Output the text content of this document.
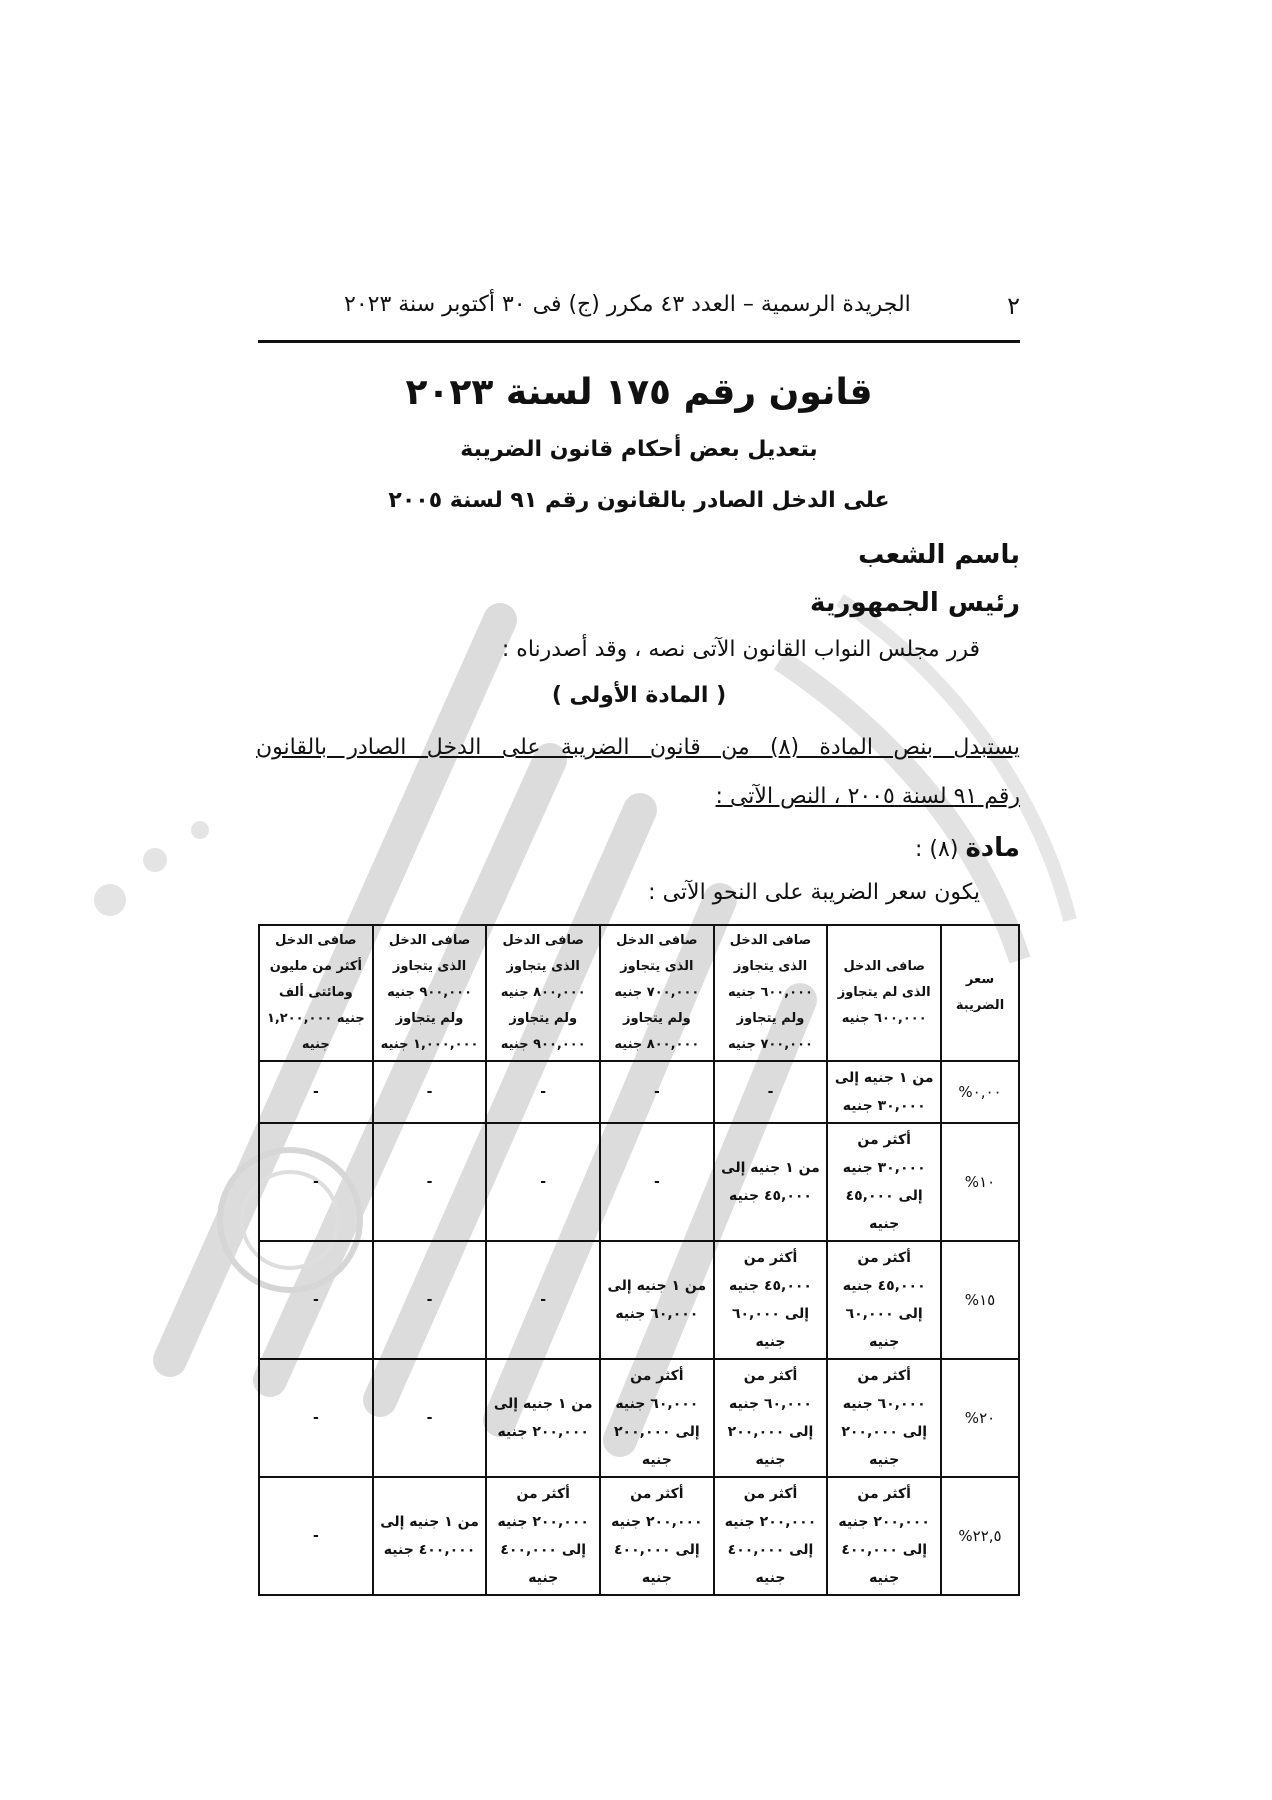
٢
الجريدة الرسمية – العدد ٤٣ مكرر (ج) فى ٣٠ أكتوبر سنة ٢٠٢٣
قانون رقم ١٧٥ لسنة ٢٠٢٣
بتعديل بعض أحكام قانون الضريبة
على الدخل الصادر بالقانون رقم ٩١ لسنة ٢٠٠٥
باسم الشعب
رئيس الجمهورية
قرر مجلس النواب القانون الآتى نصه ، وقد أصدرناه :
( المادة الأولى )
يستبدل بنص المادة (٨) من قانون الضريبة على الدخل الصادر بالقانون
رقم ٩١ لسنة ٢٠٠٥ ، النص الآتى :
مادة (٨) :
يكون سعر الضريبة على النحو الآتى :
سعر الضريبة	صافى الدخل الذى لم يتجاوز ٦٠٠,٠٠٠ جنيه	صافى الدخل الذى يتجاوز ٦٠٠,٠٠٠ جنيه ولم يتجاوز ٧٠٠,٠٠٠ جنيه	صافى الدخل الذى يتجاوز ٧٠٠,٠٠٠ جنيه ولم يتجاوز ٨٠٠,٠٠٠ جنيه	صافى الدخل الذى يتجاوز ٨٠٠,٠٠٠ جنيه ولم يتجاوز ٩٠٠,٠٠٠ جنيه	صافى الدخل الذى يتجاوز ٩٠٠,٠٠٠ جنيه ولم يتجاوز ١,٠٠٠,٠٠٠ جنيه	صافى الدخل أكثر من مليون ومائتى ألف جنيه ١,٢٠٠,٠٠٠ جنيه
٠,٠٠%	من ١ جنيه إلى ٣٠,٠٠٠ جنيه	-	-	-	-	-
١٠%	أكثر من ٣٠,٠٠٠ جنيه إلى ٤٥,٠٠٠ جنيه	من ١ جنيه إلى ٤٥,٠٠٠ جنيه	-	-	-	-
١٥%	أكثر من ٤٥,٠٠٠ جنيه إلى ٦٠,٠٠٠ جنيه	أكثر من ٤٥,٠٠٠ جنيه إلى ٦٠,٠٠٠ جنيه	من ١ جنيه إلى ٦٠,٠٠٠ جنيه	-	-	-
٢٠%	أكثر من ٦٠,٠٠٠ جنيه إلى ٢٠٠,٠٠٠ جنيه	أكثر من ٦٠,٠٠٠ جنيه إلى ٢٠٠,٠٠٠ جنيه	أكثر من ٦٠,٠٠٠ جنيه إلى ٢٠٠,٠٠٠ جنيه	من ١ جنيه إلى ٢٠٠,٠٠٠ جنيه	-	-
٢٢,٥%	أكثر من ٢٠٠,٠٠٠ جنيه إلى ٤٠٠,٠٠٠ جنيه	أكثر من ٢٠٠,٠٠٠ جنيه إلى ٤٠٠,٠٠٠ جنيه	أكثر من ٢٠٠,٠٠٠ جنيه إلى ٤٠٠,٠٠٠ جنيه	أكثر من ٢٠٠,٠٠٠ جنيه إلى ٤٠٠,٠٠٠ جنيه	من ١ جنيه إلى ٤٠٠,٠٠٠ جنيه	-
